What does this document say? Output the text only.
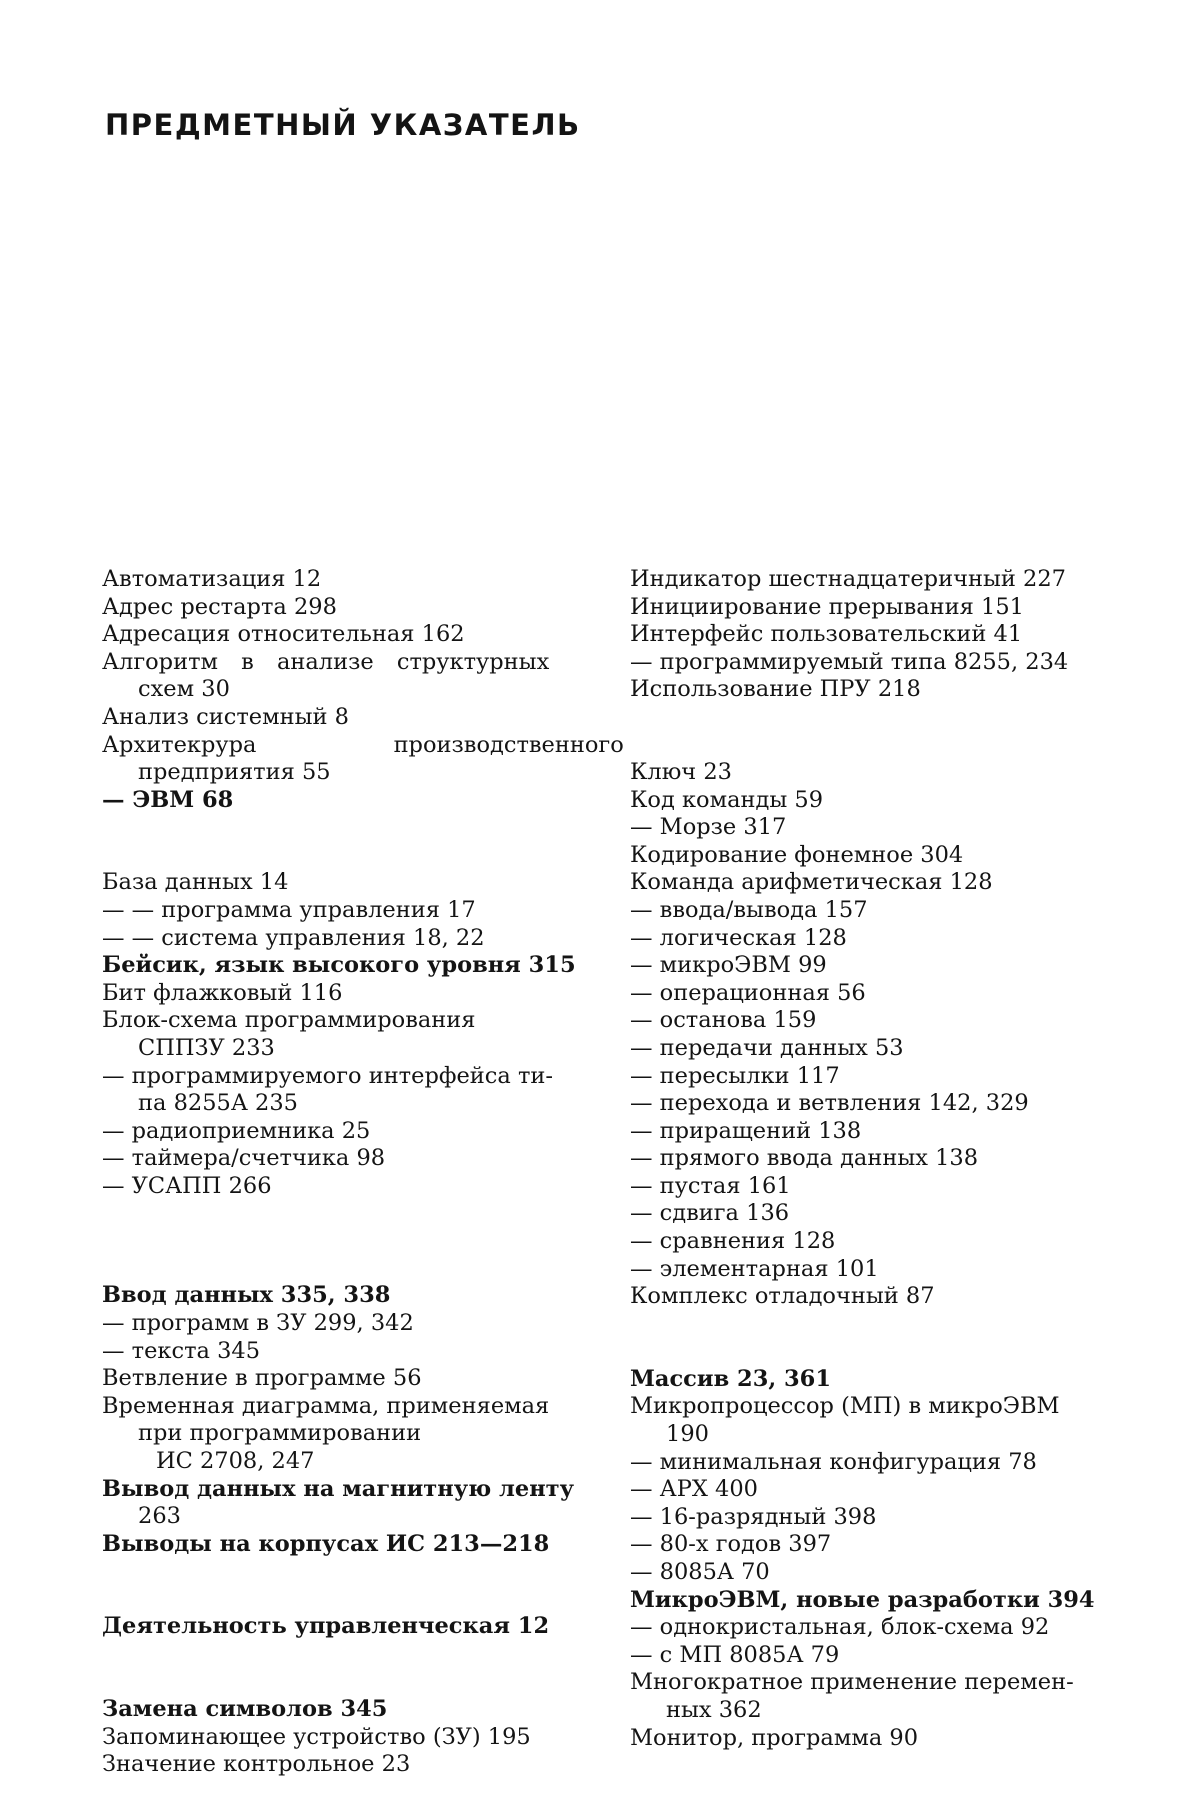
ПРЕДМЕТНЫЙ УКАЗАТЕЛЬ
Автоматизация 12
Адрес рестарта 298
Адресация относительная 162
Алгоритм в анализе структурных
схем 30
Анализ системный 8
Архитекрура производственного
предприятия 55
— ЭВМ 68
База данных 14
— — программа управления 17
— — система управления 18, 22
Бейсик, язык высокого уровня 315
Бит флажковый 116
Блок-схема программирования
СППЗУ 233
— программируемого интерфейса ти-
па 8255А 235
— радиоприемника 25
— таймера/счетчика 98
— УСАПП 266
Ввод данных 335, 338
— программ в ЗУ 299, 342
— текста 345
Ветвление в программе 56
Временная диаграмма, применяемая
при программировании
ИС 2708, 247
Вывод данных на магнитную ленту
263
Выводы на корпусах ИС 213—218
Деятельность управленческая 12
Замена символов 345
Запоминающее устройство (ЗУ) 195
Значение контрольное 23
Индикатор шестнадцатеричный 227
Инициирование прерывания 151
Интерфейс пользовательский 41
— программируемый типа 8255, 234
Использование ПРУ 218
Ключ 23
Код команды 59
— Морзе 317
Кодирование фонемное 304
Команда арифметическая 128
— ввода/вывода 157
— логическая 128
— микроЭВМ 99
— операционная 56
— останова 159
— передачи данных 53
— пересылки 117
— перехода и ветвления 142, 329
— приращений 138
— прямого ввода данных 138
— пустая 161
— сдвига 136
— сравнения 128
— элементарная 101
Комплекс отладочный 87
Массив 23, 361
Микропроцессор (МП) в микроЭВМ
190
— минимальная конфигурация 78
— АРХ 400
— 16-разрядный 398
— 80-х годов 397
— 8085А 70
МикроЭВМ, новые разработки 394
— однокристальная, блок-схема 92
— с МП 8085А 79
Многократное применение перемен-
ных 362
Монитор, программа 90
